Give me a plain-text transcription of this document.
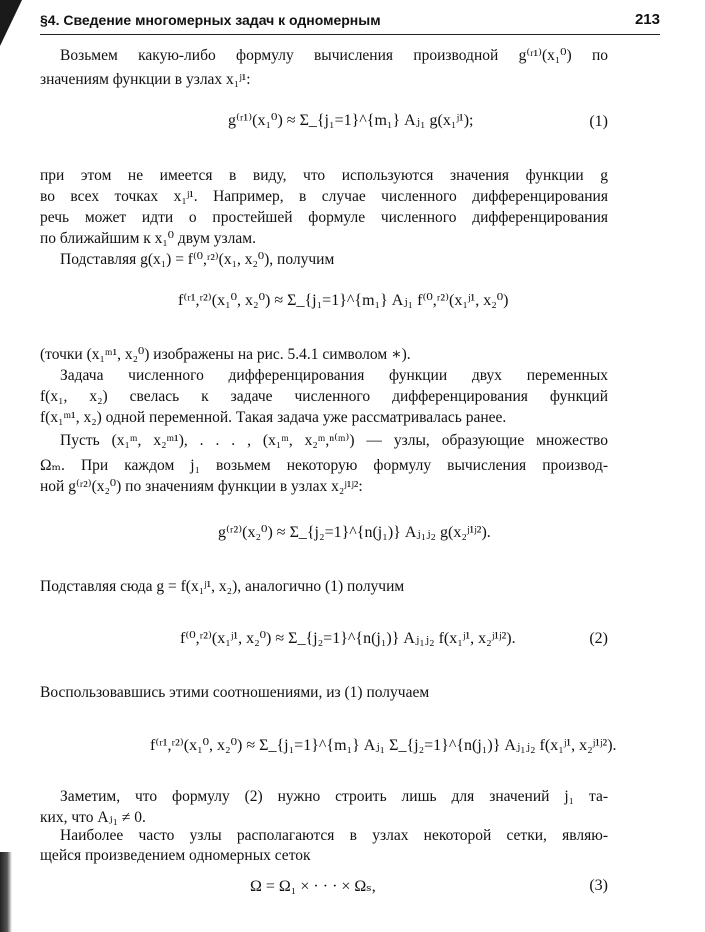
§4. Сведение многомерных задач к одномерным	213
Возьмем какую-либо формулу вычисления производной g⁽ʳ¹⁾(x₁⁰) по
значениям функции в узлах x₁ʲ¹:
g⁽ʳ¹⁾(x₁⁰) ≈ Σ_{j₁=1}^{m₁} Aⱼ₁ g(x₁ʲ¹);	(1)
при этом не имеется в виду, что используются значения функции g
во всех точках x₁ʲ¹. Например, в случае численного дифференцирования
речь может идти о простейшей формуле численного дифференцирования
по ближайшим к x₁⁰ двум узлам.
Подставляя g(x₁) = f⁽⁰,ʳ²⁾(x₁, x₂⁰), получим
f⁽ʳ¹,ʳ²⁾(x₁⁰, x₂⁰) ≈ Σ_{j₁=1}^{m₁} Aⱼ₁ f⁽⁰,ʳ²⁾(x₁ʲ¹, x₂⁰)
(точки (x₁ᵐ¹, x₂⁰) изображены на рис. 5.4.1 символом ∗).
Задача численного дифференцирования функции двух переменных
f(x₁, x₂) свелась к задаче численного дифференцирования функций
f(x₁ᵐ¹, x₂) одной переменной. Такая задача уже рассматривалась ранее.
Пусть (x₁ᵐ, x₂ᵐ¹), . . . , (x₁ᵐ, x₂ᵐ,ⁿ⁽ᵐ⁾) — узлы, образующие множество
Ωₘ. При каждом j₁ возьмем некоторую формулу вычисления производ-
ной g⁽ʳ²⁾(x₂⁰) по значениям функции в узлах x₂ʲ¹ʲ²:
g⁽ʳ²⁾(x₂⁰) ≈ Σ_{j₂=1}^{n(j₁)} Aⱼ₁ⱼ₂ g(x₂ʲ¹ʲ²).
Подставляя сюда g = f(x₁ʲ¹, x₂), аналогично (1) получим
f⁽⁰,ʳ²⁾(x₁ʲ¹, x₂⁰) ≈ Σ_{j₂=1}^{n(j₁)} Aⱼ₁ⱼ₂ f(x₁ʲ¹, x₂ʲ¹ʲ²).	(2)
Воспользовавшись этими соотношениями, из (1) получаем
f⁽ʳ¹,ʳ²⁾(x₁⁰, x₂⁰) ≈ Σ_{j₁=1}^{m₁} Aⱼ₁ Σ_{j₂=1}^{n(j₁)} Aⱼ₁ⱼ₂ f(x₁ʲ¹, x₂ʲ¹ʲ²).
Заметим, что формулу (2) нужно строить лишь для значений j₁ та-
ких, что Aⱼ₁ ≠ 0.
Наиболее часто узлы располагаются в узлах некоторой сетки, являю-
щейся произведением одномерных сеток
Ω = Ω₁ × · · · × Ωₛ,	(3)
